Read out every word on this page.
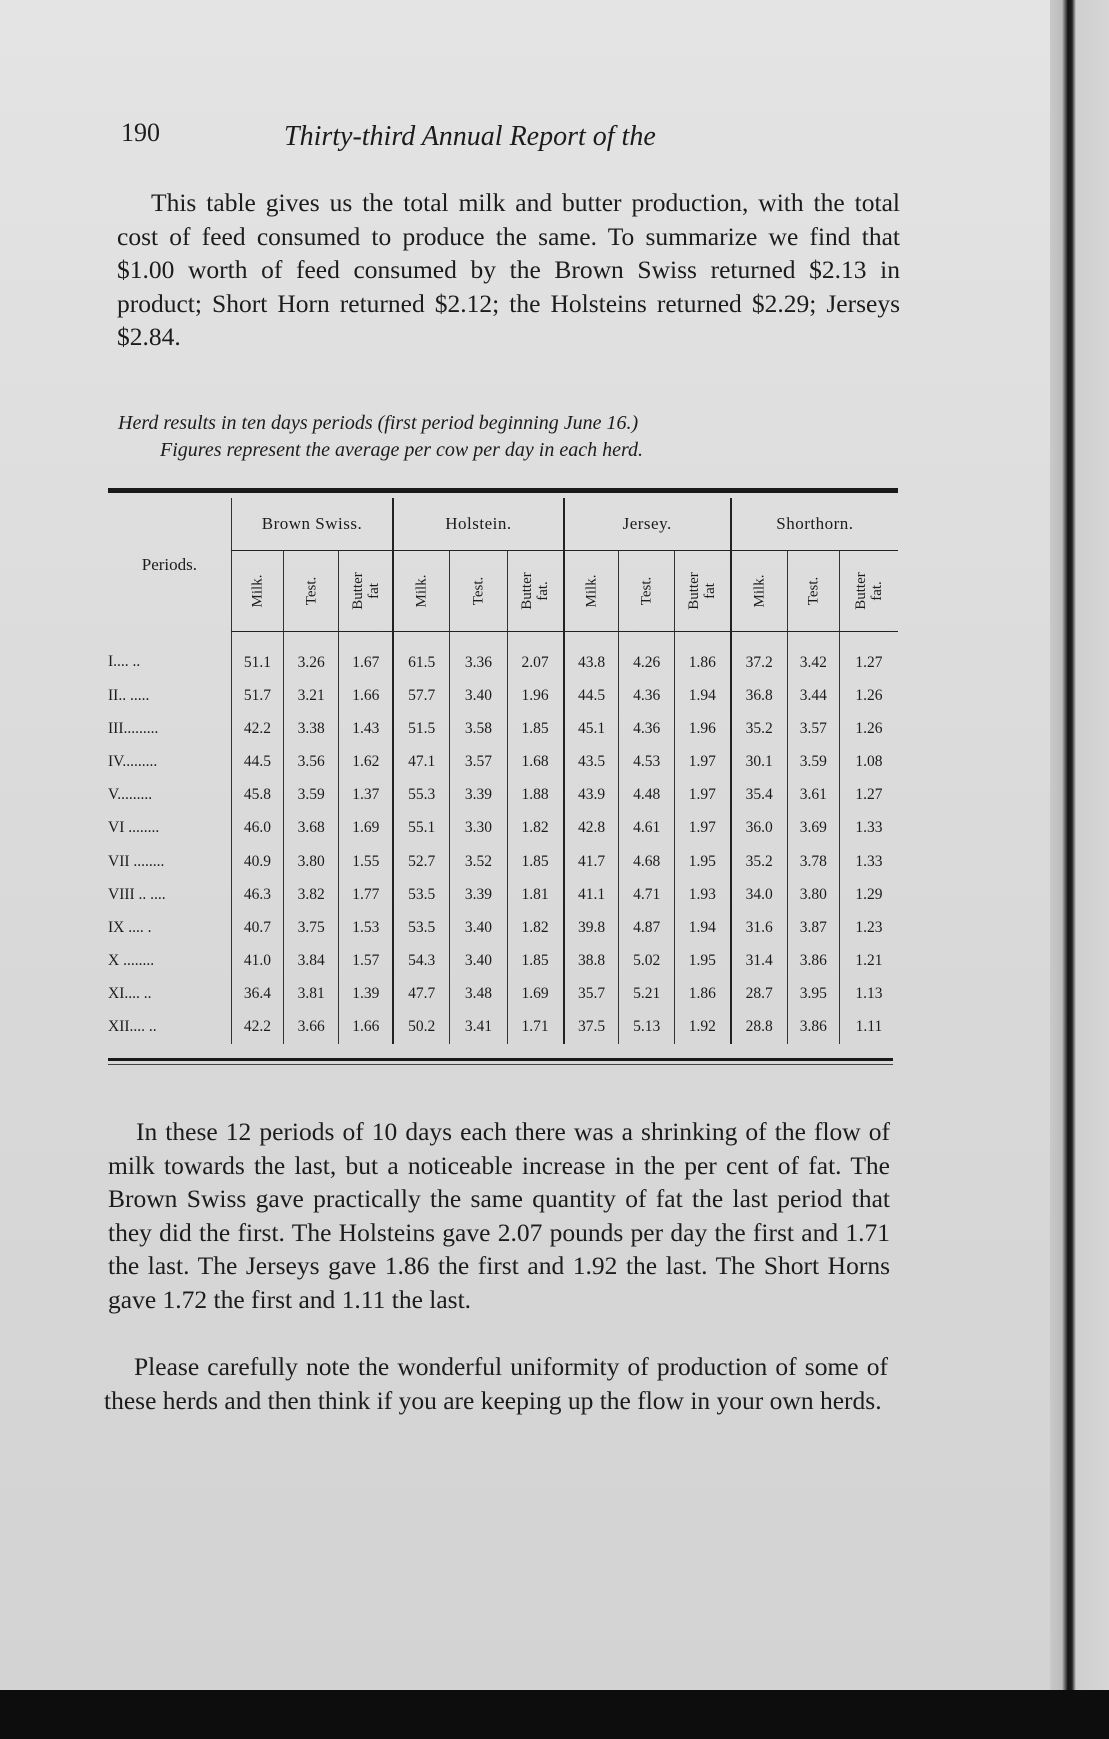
190	Thirty-third Annual Report of the

This table gives us the total milk and butter production, with the total cost of feed consumed to produce the same. To summarize we find that $1.00 worth of feed consumed by the Brown Swiss returned $2.13 in product; Short Horn returned $2.12; the Holsteins returned $2.29; Jerseys $2.84.

Herd results in ten days periods (first period beginning June 16.)
Figures represent the average per cow per day in each herd.
Periods.	Brown Swiss.			Holstein.			Jersey.			Shorthorn.		
	Milk.	Test.	Butter fat	Milk.	Test.	Butter fat.	Milk.	Test.	Butter fat	Milk.	Test.	Butter fat.
I.... ..	51.1	3.26	1.67	61.5	3.36	2.07	43.8	4.26	1.86	37.2	3.42	1.27
II.. .....	51.7	3.21	1.66	57.7	3.40	1.96	44.5	4.36	1.94	36.8	3.44	1.26
III.........	42.2	3.38	1.43	51.5	3.58	1.85	45.1	4.36	1.96	35.2	3.57	1.26
IV.........	44.5	3.56	1.62	47.1	3.57	1.68	43.5	4.53	1.97	30.1	3.59	1.08
V.........	45.8	3.59	1.37	55.3	3.39	1.88	43.9	4.48	1.97	35.4	3.61	1.27
VI ........	46.0	3.68	1.69	55.1	3.30	1.82	42.8	4.61	1.97	36.0	3.69	1.33
VII ........	40.9	3.80	1.55	52.7	3.52	1.85	41.7	4.68	1.95	35.2	3.78	1.33
VIII .. ....	46.3	3.82	1.77	53.5	3.39	1.81	41.1	4.71	1.93	34.0	3.80	1.29
IX .... .	40.7	3.75	1.53	53.5	3.40	1.82	39.8	4.87	1.94	31.6	3.87	1.23
X ........	41.0	3.84	1.57	54.3	3.40	1.85	38.8	5.02	1.95	31.4	3.86	1.21
XI.... ..	36.4	3.81	1.39	47.7	3.48	1.69	35.7	5.21	1.86	28.7	3.95	1.13
XII.... ..	42.2	3.66	1.66	50.2	3.41	1.71	37.5	5.13	1.92	28.8	3.86	1.11

In these 12 periods of 10 days each there was a shrinking of the flow of milk towards the last, but a noticeable increase in the per cent of fat. The Brown Swiss gave practically the same quantity of fat the last period that they did the first. The Holsteins gave 2.07 pounds per day the first and 1.71 the last. The Jerseys gave 1.86 the first and 1.92 the last. The Short Horns gave 1.72 the first and 1.11 the last.

Please carefully note the wonderful uniformity of production of some of these herds and then think if you are keeping up the flow in your own herds.
